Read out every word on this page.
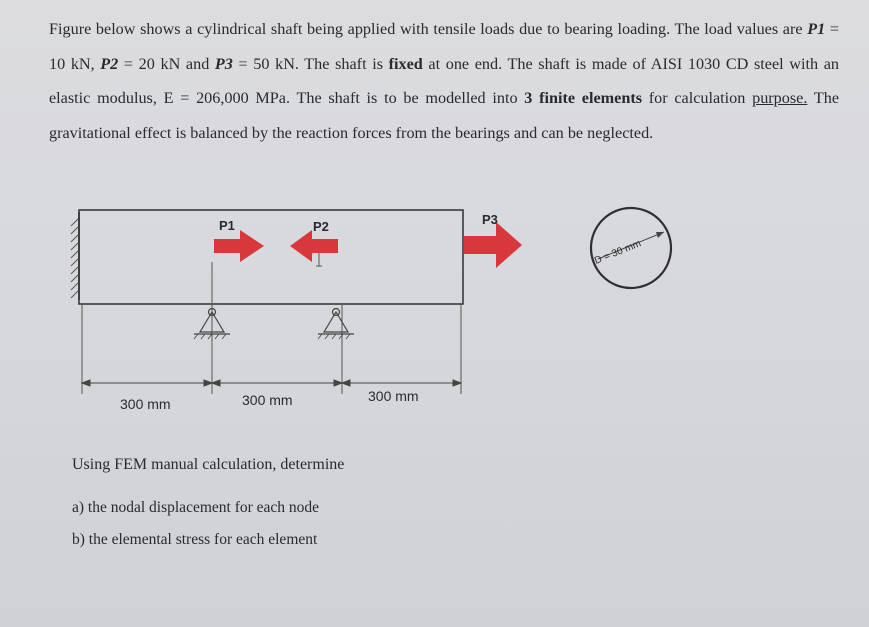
Figure below shows a cylindrical shaft being applied with tensile loads due to bearing loading. The load values are P1 = 10 kN, P2 = 20 kN and P3 = 50 kN. The shaft is fixed at one end. The shaft is made of AISI 1030 CD steel with an elastic modulus, E = 206,000 MPa. The shaft is to be modelled into 3 finite elements for calculation purpose. The gravitational effect is balanced by the reaction forces from the bearings and can be neglected.
300 mm	300 mm	300 mm
P1	P2	P3
D = 30 mm
Using FEM manual calculation, determine
a) the nodal displacement for each node
b) the elemental stress for each element
